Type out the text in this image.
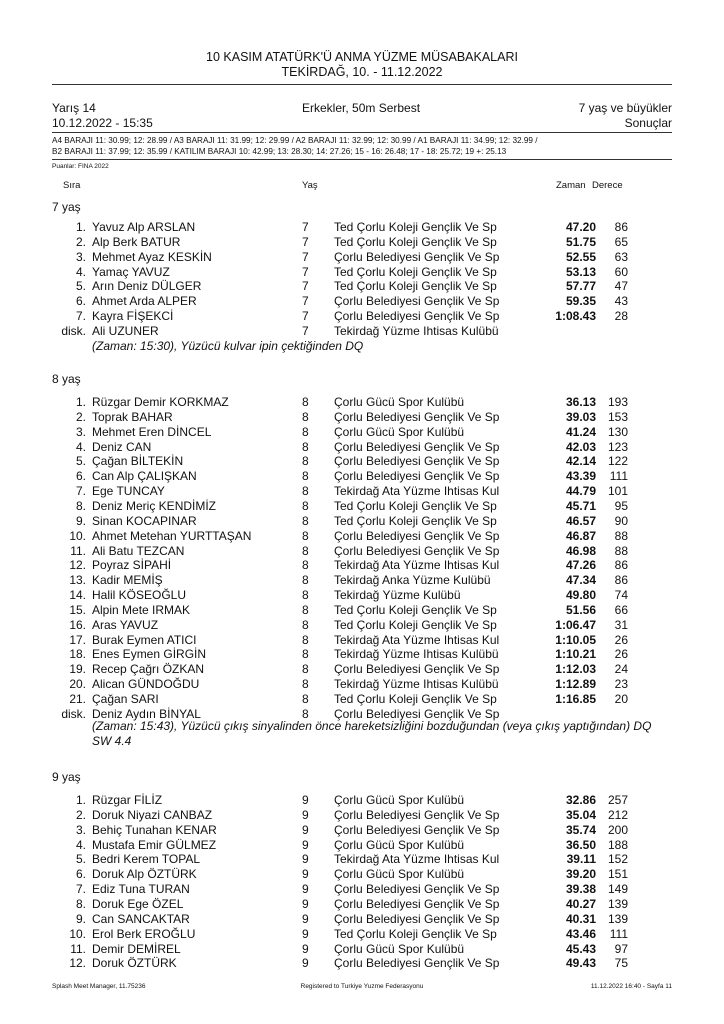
10 KASIM ATATÜRK'Ü ANMA YÜZME MÜSABAKALARI
TEKİRDAĞ, 10. - 11.12.2022
Yarış 14
10.12.2022 - 15:35
Erkekler, 50m Serbest	7 yaş ve büyükler
Sonuçlar
A4 BARAJI 11: 30.99; 12: 28.99 / A3 BARAJI 11: 31.99; 12: 29.99 / A2 BARAJI 11: 32.99; 12: 30.99 / A1 BARAJI 11: 34.99; 12: 32.99 /
B2 BARAJI 11: 37.99; 12: 35.99 / KATILIM BARAJI 10: 42.99; 13: 28.30; 14: 27.26; 15 - 16: 26.48; 17 - 18: 25.72; 19 +: 25.13
Puanlar: FINA 2022
Sıra	Yaş	Zaman Derece
7 yaş
1. Yavuz Alp ARSLAN	7 Ted Çorlu Koleji Gençlik Ve Sp	47.20 86
2. Alp Berk BATUR	7 Ted Çorlu Koleji Gençlik Ve Sp	51.75 65
3. Mehmet Ayaz KESKİN	7 Çorlu Belediyesi Gençlik Ve Sp	52.55 63
4. Yamaç YAVUZ	7 Ted Çorlu Koleji Gençlik Ve Sp	53.13 60
5. Arın Deniz DÜLGER	7 Ted Çorlu Koleji Gençlik Ve Sp	57.77 47
6. Ahmet Arda ALPER	7 Çorlu Belediyesi Gençlik Ve Sp	59.35 43
7. Kayra FİŞEKCİ	7 Çorlu Belediyesi Gençlik Ve Sp	1:08.43 28
disk. Ali UZUNER	7 Tekirdağ Yüzme Ihtisas Kulübü
(Zaman: 15:30), Yüzücü kulvar ipin çektiğinden DQ
8 yaş
1. Rüzgar Demir KORKMAZ	8 Çorlu Gücü Spor Kulübü	36.13 193
2. Toprak BAHAR	8 Çorlu Belediyesi Gençlik Ve Sp	39.03 153
3. Mehmet Eren DİNCEL	8 Çorlu Gücü Spor Kulübü	41.24 130
4. Deniz CAN	8 Çorlu Belediyesi Gençlik Ve Sp	42.03 123
5. Çağan BİLTEKİN	8 Çorlu Belediyesi Gençlik Ve Sp	42.14 122
6. Can Alp ÇALIŞKAN	8 Çorlu Belediyesi Gençlik Ve Sp	43.39 111
7. Ege TUNCAY	8 Tekirdağ Ata Yüzme Ihtisas Kul	44.79 101
8. Deniz Meriç KENDİMİZ	8 Ted Çorlu Koleji Gençlik Ve Sp	45.71 95
9. Sinan KOCAPINAR	8 Ted Çorlu Koleji Gençlik Ve Sp	46.57 90
10. Ahmet Metehan YURTTAŞAN	8 Çorlu Belediyesi Gençlik Ve Sp	46.87 88
11. Ali Batu TEZCAN	8 Çorlu Belediyesi Gençlik Ve Sp	46.98 88
12. Poyraz SİPAHİ	8 Tekirdağ Ata Yüzme Ihtisas Kul	47.26 86
13. Kadir MEMİŞ	8 Tekirdağ Anka Yüzme Kulübü	47.34 86
14. Halil KÖSEOĞLU	8 Tekirdağ Yüzme Kulübü	49.80 74
15. Alpin Mete IRMAK	8 Ted Çorlu Koleji Gençlik Ve Sp	51.56 66
16. Aras YAVUZ	8 Ted Çorlu Koleji Gençlik Ve Sp	1:06.47 31
17. Burak Eymen ATICI	8 Tekirdağ Ata Yüzme Ihtisas Kul	1:10.05 26
18. Enes Eymen GİRGİN	8 Tekirdağ Yüzme Ihtisas Kulübü	1:10.21 26
19. Recep Çağrı ÖZKAN	8 Çorlu Belediyesi Gençlik Ve Sp	1:12.03 24
20. Alican GÜNDOĞDU	8 Tekirdağ Yüzme Ihtisas Kulübü	1:12.89 23
21. Çağan SARI	8 Ted Çorlu Koleji Gençlik Ve Sp	1:16.85 20
disk. Deniz Aydın BİNYAL	8 Çorlu Belediyesi Gençlik Ve Sp
(Zaman: 15:43), Yüzücü çıkış sinyalinden önce hareketsizliğini bozduğundan (veya çıkış yaptığından) DQ
SW 4.4
9 yaş
1. Rüzgar FİLİZ	9 Çorlu Gücü Spor Kulübü	32.86 257
2. Doruk Niyazi CANBAZ	9 Çorlu Belediyesi Gençlik Ve Sp	35.04 212
3. Behiç Tunahan KENAR	9 Çorlu Belediyesi Gençlik Ve Sp	35.74 200
4. Mustafa Emir GÜLMEZ	9 Çorlu Gücü Spor Kulübü	36.50 188
5. Bedri Kerem TOPAL	9 Tekirdağ Ata Yüzme Ihtisas Kul	39.11 152
6. Doruk Alp ÖZTÜRK	9 Çorlu Gücü Spor Kulübü	39.20 151
7. Ediz Tuna TURAN	9 Çorlu Belediyesi Gençlik Ve Sp	39.38 149
8. Doruk Ege ÖZEL	9 Çorlu Belediyesi Gençlik Ve Sp	40.27 139
9. Can SANCAKTAR	9 Çorlu Belediyesi Gençlik Ve Sp	40.31 139
10. Erol Berk EROĞLU	9 Ted Çorlu Koleji Gençlik Ve Sp	43.46 111
11. Demir DEMİREL	9 Çorlu Gücü Spor Kulübü	45.43 97
12. Doruk ÖZTÜRK	9 Çorlu Belediyesi Gençlik Ve Sp	49.43 75
Splash Meet Manager, 11.75236	Registered to Turkiye Yuzme Federasyonu	11.12.2022 16:40 - Sayfa 11
